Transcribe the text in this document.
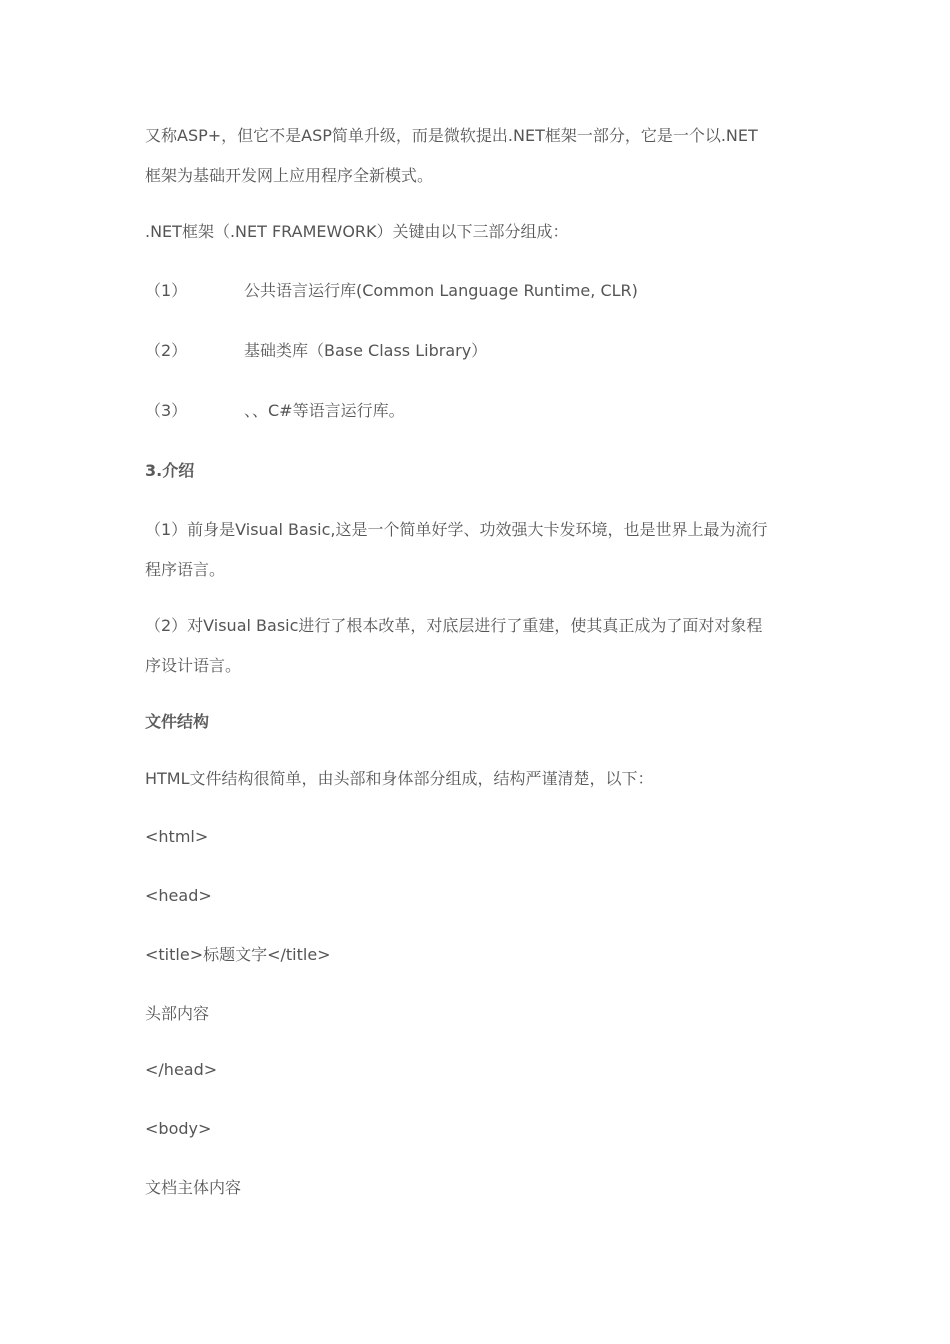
又称ASP+，但它不是ASP简单升级，而是微软提出.NET框架一部分，它是一个以.NET
框架为基础开发网上应用程序全新模式。
.NET框架（.NET FRAMEWORK）关键由以下三部分组成：
（1）	公共语言运行库(Common Language Runtime, CLR)
（2）	基础类库（Base Class Library）
（3）	、、C#等语言运行库。
3.介绍
（1）前身是Visual Basic,这是一个简单好学、功效强大卡发环境，也是世界上最为流行
程序语言。
（2）对Visual Basic进行了根本改革，对底层进行了重建，使其真正成为了面对对象程
序设计语言。
文件结构
HTML文件结构很简单，由头部和身体部分组成，结构严谨清楚，以下：
<html>
<head>
<title>标题文字</title>
头部内容
</head>
<body>
文档主体内容
